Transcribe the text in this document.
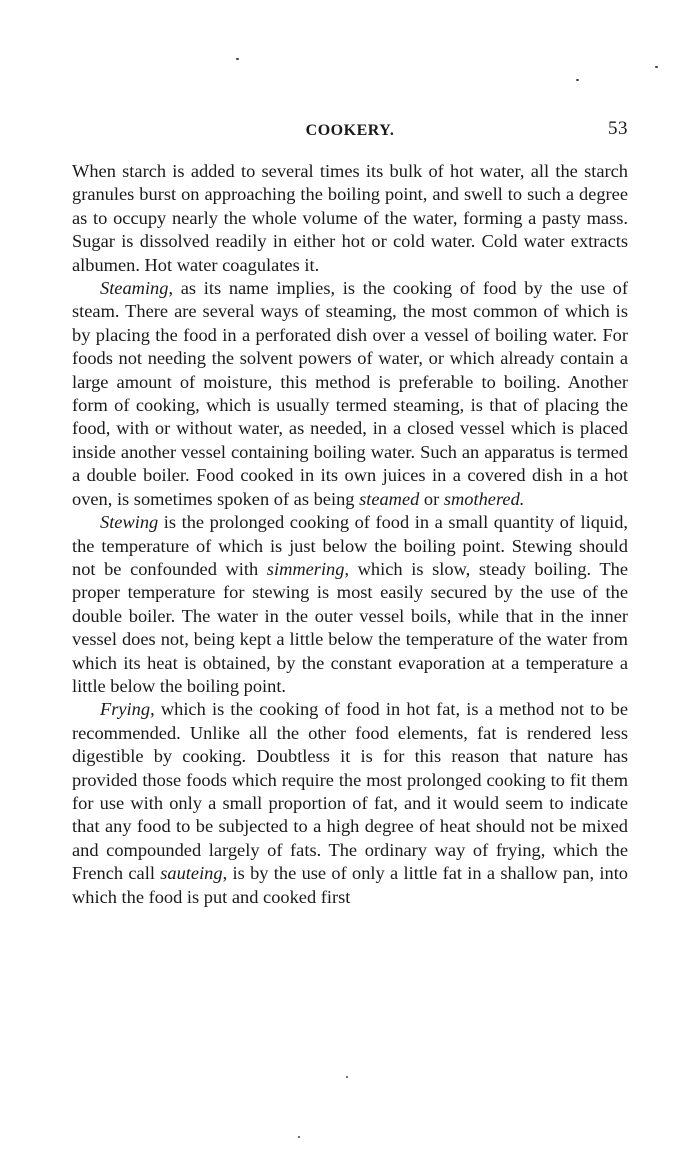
COOKERY.	53

When starch is added to several times its bulk of hot water, all the starch granules burst on approaching the boiling point, and swell to such a degree as to occupy nearly the whole volume of the water, forming a pasty mass. Sugar is dissolved readily in either hot or cold water. Cold water extracts albumen. Hot water coagulates it.

Steaming, as its name implies, is the cooking of food by the use of steam. There are several ways of steaming, the most common of which is by placing the food in a perforated dish over a vessel of boiling water. For foods not needing the solvent powers of water, or which already contain a large amount of moisture, this method is preferable to boiling. Another form of cooking, which is usually termed steaming, is that of placing the food, with or without water, as needed, in a closed vessel which is placed inside another vessel containing boiling water. Such an apparatus is termed a double boiler. Food cooked in its own juices in a covered dish in a hot oven, is sometimes spoken of as being steamed or smothered.

Stewing is the prolonged cooking of food in a small quantity of liquid, the temperature of which is just below the boiling point. Stewing should not be confounded with simmering, which is slow, steady boiling. The proper temperature for stewing is most easily secured by the use of the double boiler. The water in the outer vessel boils, while that in the inner vessel does not, being kept a little below the temperature of the water from which its heat is obtained, by the constant evaporation at a temperature a little below the boiling point.

Frying, which is the cooking of food in hot fat, is a method not to be recommended. Unlike all the other food elements, fat is rendered less digestible by cooking. Doubtless it is for this reason that nature has provided those foods which require the most prolonged cooking to fit them for use with only a small proportion of fat, and it would seem to indicate that any food to be subjected to a high degree of heat should not be mixed and compounded largely of fats. The ordinary way of frying, which the French call sauteing, is by the use of only a little fat in a shallow pan, into which the food is put and cooked first
